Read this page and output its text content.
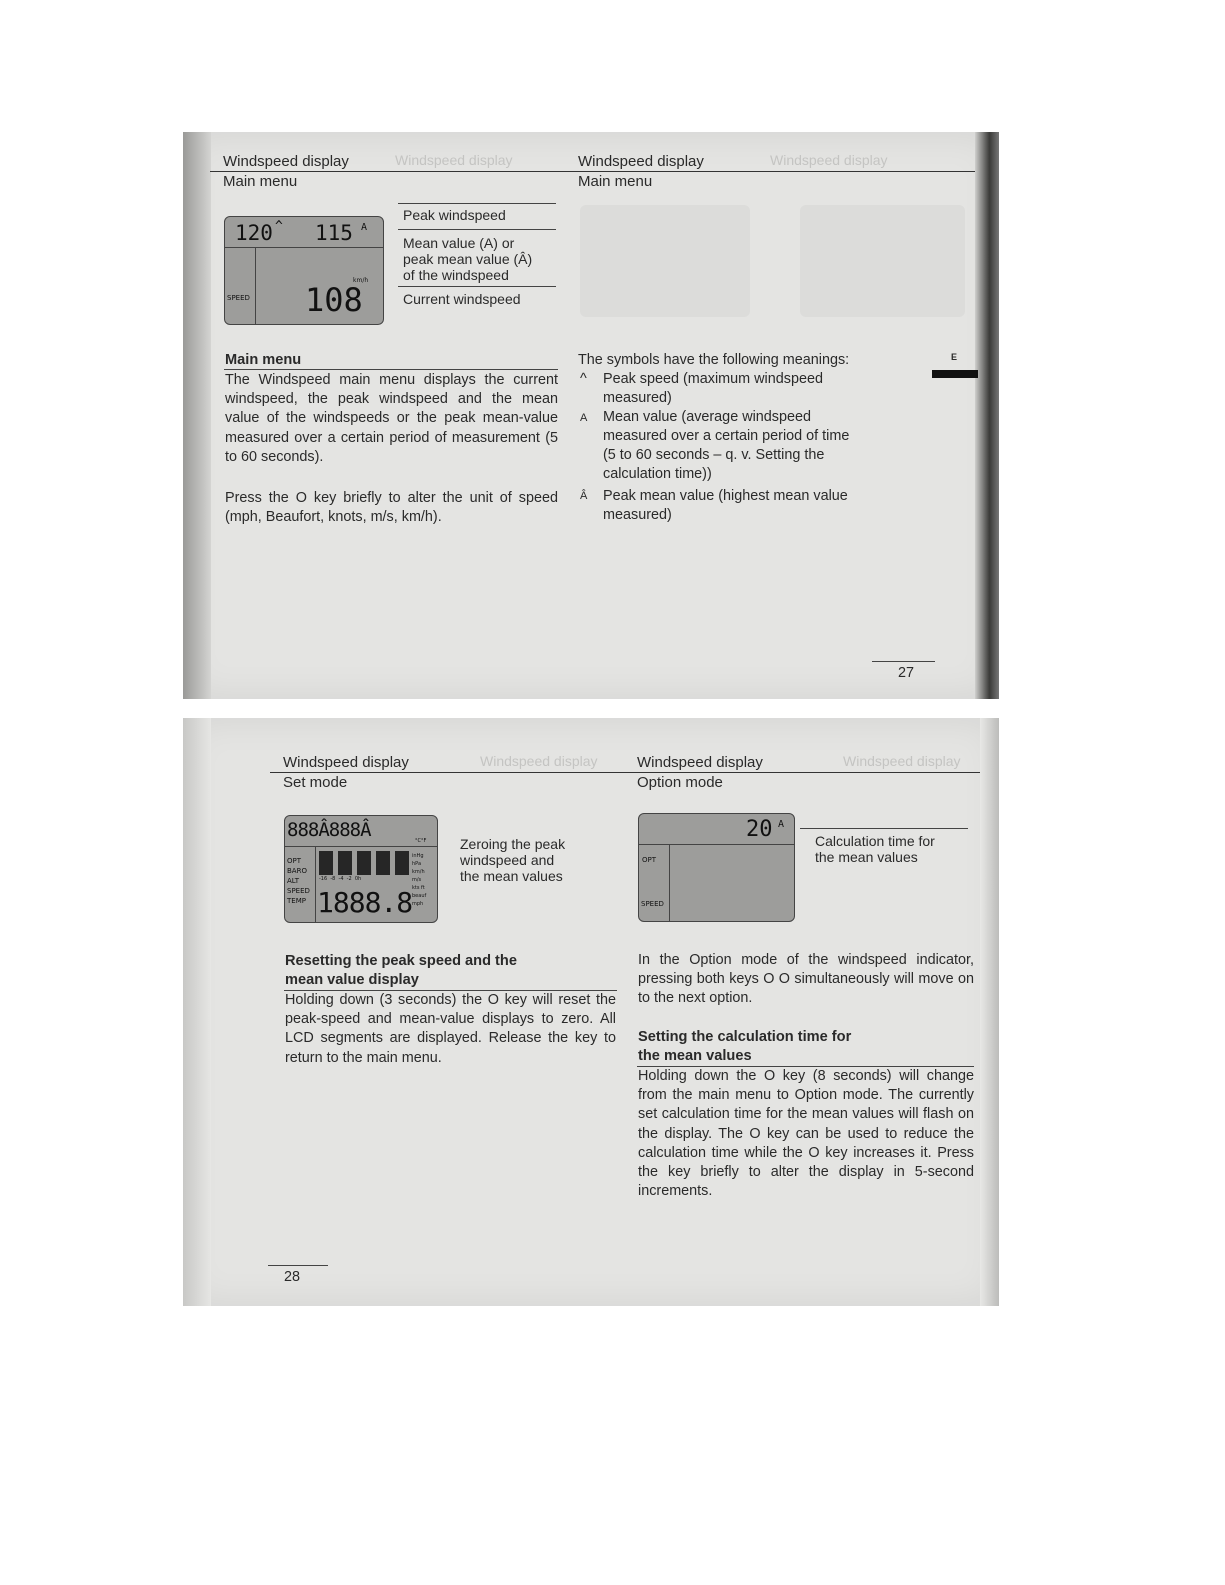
Windspeed display	Windspeed display
Windspeed display
Main menu
Windspeed display
Main menu
120 ^ 115 A
SPEED
km/h
108
Peak windspeed
Mean value (A) or
peak mean value (Â)
of the windspeed
Current windspeed
Main menu
The Windspeed main menu displays the current windspeed, the peak windspeed and the mean value of the windspeeds or the peak mean-value measured over a certain period of measurement (5 to 60 seconds).
Press the O key briefly to alter the unit of speed (mph, Beaufort, knots, m/s, km/h).
The symbols have the following meanings:
^ Peak speed (maximum windspeed
measured)
A Mean value (average windspeed
measured over a certain period of time
(5 to 60 seconds – q. v. Setting the
calculation time))
Â Peak mean value (highest mean value
measured)
E
27
Windspeed display	Windspeed display
Windspeed display
Set mode
Windspeed display
Option mode
888Â888Â
OPT
BARO
ALT
SPEED
TEMP
-16  -8  -4  -2  0h
1888.8
inHg
hPa
km/h
m/s
kts ft
beauf
mph
°C°F Zeroing the peak
windspeed and
the mean values
Resetting the peak speed and the
mean value display
Holding down (3 seconds) the O key will reset the peak-speed and mean-value displays to zero. All LCD segments are displayed. Release the key to return to the main menu.
20 A
OPT
SPEED
Calculation time for
the mean values
In the Option mode of the windspeed indicator, pressing both keys O O simultaneously will move on to the next option.
Setting the calculation time for
the mean values
Holding down the O key (8 seconds) will change from the main menu to Option mode. The currently set calculation time for the mean values will flash on the display. The O key can be used to reduce the calculation time while the O key increases it. Press the key briefly to alter the display in 5-second increments.
28
